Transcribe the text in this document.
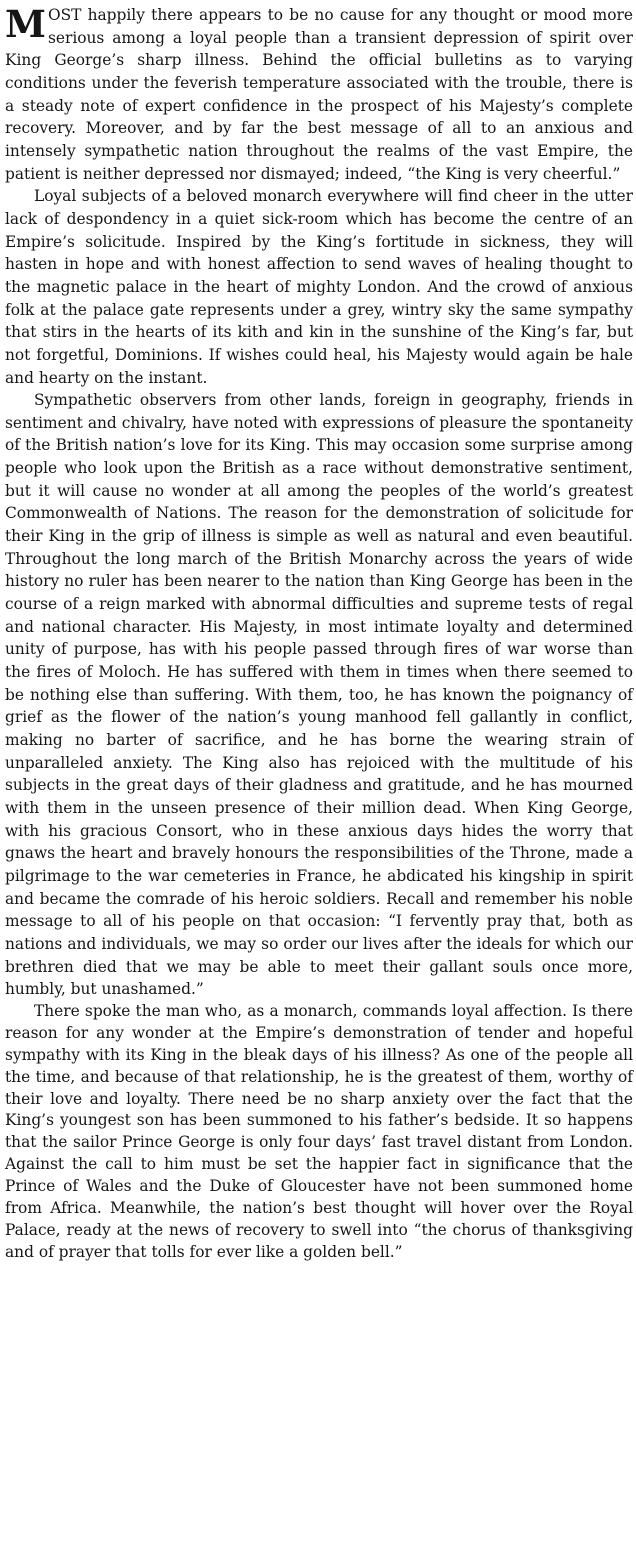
MOST happily there appears to be no cause for any thought or mood more serious among a loyal people than a transient depression of spirit over King George’s sharp illness. Behind the official bulletins as to varying conditions under the feverish temperature associated with the trouble, there is a steady note of expert confidence in the prospect of his Majesty’s complete recovery. Moreover, and by far the best message of all to an anxious and intensely sympathetic nation throughout the realms of the vast Empire, the patient is neither depressed nor dismayed; indeed, “the King is very cheerful.”

Loyal subjects of a beloved monarch everywhere will find cheer in the utter lack of despondency in a quiet sick-room which has become the centre of an Empire’s solicitude. Inspired by the King’s fortitude in sickness, they will hasten in hope and with honest affection to send waves of healing thought to the magnetic palace in the heart of mighty London. And the crowd of anxious folk at the palace gate represents under a grey, wintry sky the same sympathy that stirs in the hearts of its kith and kin in the sunshine of the King’s far, but not forgetful, Dominions. If wishes could heal, his Majesty would again be hale and hearty on the instant.

Sympathetic observers from other lands, foreign in geography, friends in sentiment and chivalry, have noted with expressions of pleasure the spontaneity of the British nation’s love for its King. This may occasion some surprise among people who look upon the British as a race without demonstrative sentiment, but it will cause no wonder at all among the peoples of the world’s greatest Commonwealth of Nations. The reason for the demonstration of solicitude for their King in the grip of illness is simple as well as natural and even beautiful. Throughout the long march of the British Monarchy across the years of wide history no ruler has been nearer to the nation than King George has been in the course of a reign marked with abnormal difficulties and supreme tests of regal and national character. His Majesty, in most intimate loyalty and determined unity of purpose, has with his people passed through fires of war worse than the fires of Moloch. He has suffered with them in times when there seemed to be nothing else than suffering. With them, too, he has known the poignancy of grief as the flower of the nation’s young manhood fell gallantly in conflict, making no barter of sacrifice, and he has borne the wearing strain of unparalleled anxiety. The King also has rejoiced with the multitude of his subjects in the great days of their gladness and gratitude, and he has mourned with them in the unseen presence of their million dead. When King George, with his gracious Consort, who in these anxious days hides the worry that gnaws the heart and bravely honours the responsibilities of the Throne, made a pilgrimage to the war cemeteries in France, he abdicated his kingship in spirit and became the comrade of his heroic soldiers. Recall and remember his noble message to all of his people on that occasion: “I fervently pray that, both as nations and individuals, we may so order our lives after the ideals for which our brethren died that we may be able to meet their gallant souls once more, humbly, but unashamed.”

There spoke the man who, as a monarch, commands loyal affection. Is there reason for any wonder at the Empire’s demonstration of tender and hopeful sympathy with its King in the bleak days of his illness? As one of the people all the time, and because of that relationship, he is the greatest of them, worthy of their love and loyalty. There need be no sharp anxiety over the fact that the King’s youngest son has been summoned to his father’s bedside. It so happens that the sailor Prince George is only four days’ fast travel distant from London. Against the call to him must be set the happier fact in significance that the Prince of Wales and the Duke of Gloucester have not been summoned home from Africa. Meanwhile, the nation’s best thought will hover over the Royal Palace, ready at the news of recovery to swell into “the chorus of thanksgiving and of prayer that tolls for ever like a golden bell.”
